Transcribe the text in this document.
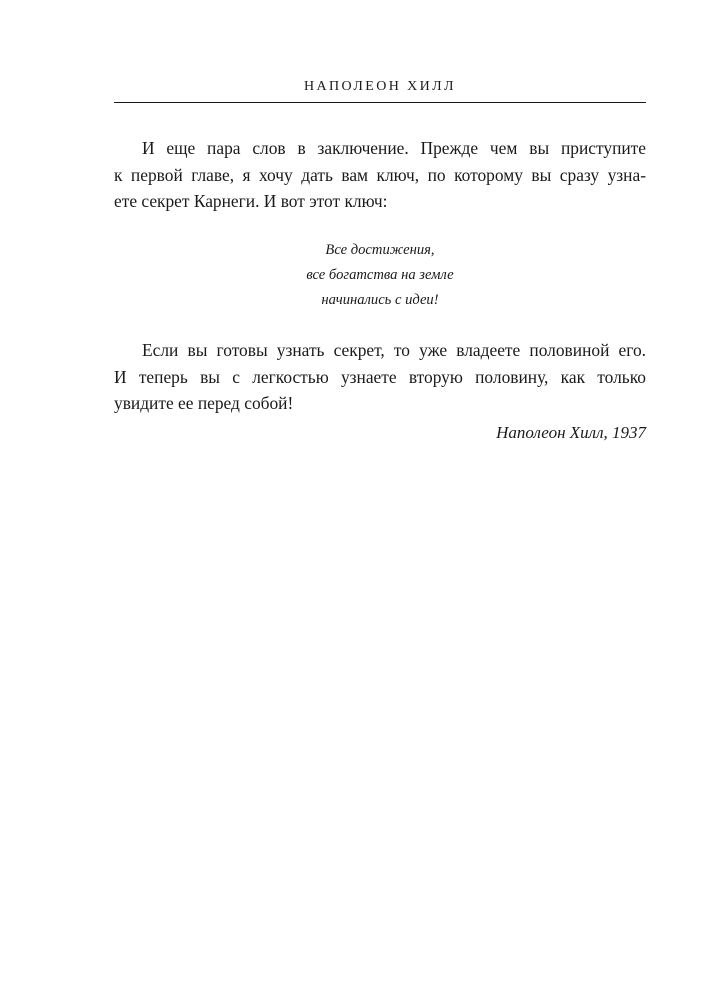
НАПОЛЕОН ХИЛЛ
И еще пара слов в заключение. Прежде чем вы приступите
к первой главе, я хочу дать вам ключ, по которому вы сразу узна-
ете секрет Карнеги. И вот этот ключ:
Все достижения,
все богатства на земле
начинались с идеи!
Если вы готовы узнать секрет, то уже владеете половиной его.
И теперь вы с легкостью узнаете вторую половину, как только
увидите ее перед собой!
Наполеон Хилл, 1937
